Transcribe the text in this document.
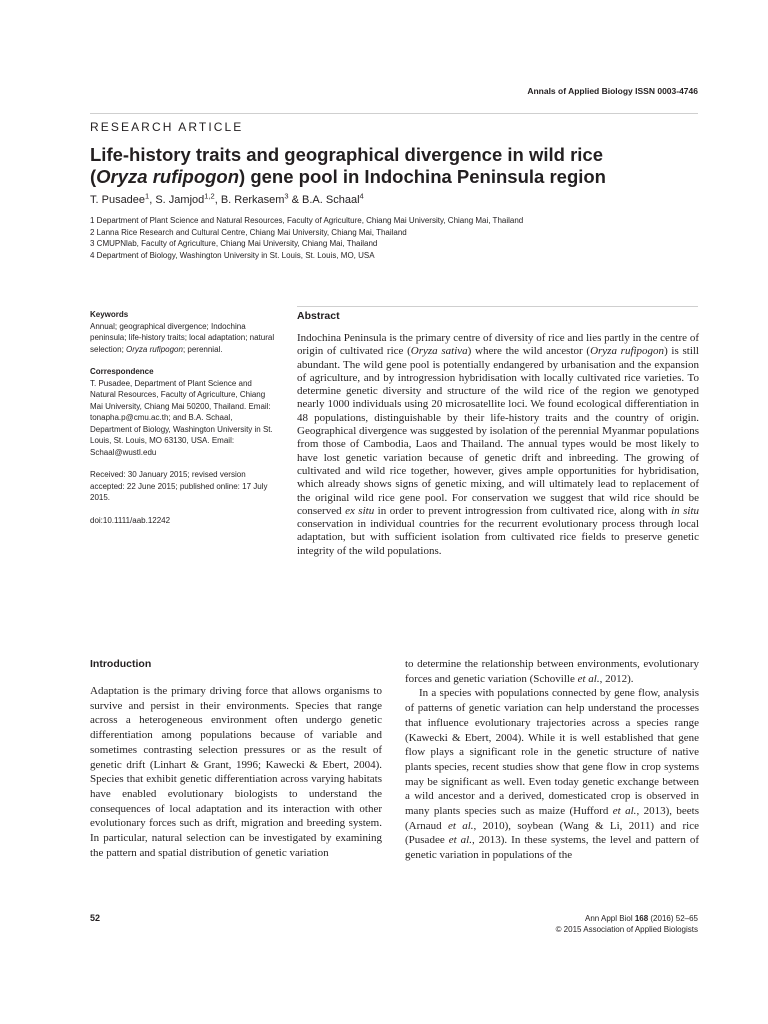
Annals of Applied Biology ISSN 0003-4746
RESEARCH ARTICLE
Life-history traits and geographical divergence in wild rice
(Oryza rufipogon) gene pool in Indochina Peninsula region
T. Pusadee$^1$, S. Jamjod$^{1,2}$, B. Rerkasem$^3$ & B.A. Schaal$^4$
1 Department of Plant Science and Natural Resources, Faculty of Agriculture, Chiang Mai University, Chiang Mai, Thailand
2 Lanna Rice Research and Cultural Centre, Chiang Mai University, Chiang Mai, Thailand
3 CMUPNlab, Faculty of Agriculture, Chiang Mai University, Chiang Mai, Thailand
4 Department of Biology, Washington University in St. Louis, St. Louis, MO, USA

Keywords

Annual; geographical divergence; Indochina peninsula; life-history traits; local adaptation; natural selection; Oryza rufipogon; perennial.

Correspondence

T. Pusadee, Department of Plant Science and Natural Resources, Faculty of Agriculture, Chiang Mai University, Chiang Mai 50200, Thailand. Email: tonapha.p@cmu.ac.th; and B.A. Schaal, Department of Biology, Washington University in St. Louis, St. Louis, MO 63130, USA. Email: Schaal@wustl.edu

Received: 30 January 2015; revised version accepted: 22 June 2015; published online: 17 July 2015.

doi:10.1111/aab.12242

Abstract

Indochina Peninsula is the primary centre of diversity of rice and lies partly in the centre of origin of cultivated rice (Oryza sativa) where the wild ancestor (Oryza rufipogon) is still abundant. The wild gene pool is potentially endangered by urbanisation and the expansion of agriculture, and by introgression hybridisation with locally cultivated rice varieties. To determine genetic diversity and structure of the wild rice of the region we genotyped nearly 1000 individuals using 20 microsatellite loci. We found ecological differentiation in 48 populations, distinguishable by their life-history traits and the country of origin. Geographical divergence was suggested by isolation of the perennial Myanmar populations from those of Cambodia, Laos and Thailand. The annual types would be most likely to have lost genetic variation because of genetic drift and inbreeding. The growing of cultivated and wild rice together, however, gives ample opportunities for hybridisation, which already shows signs of genetic mixing, and will ultimately lead to replacement of the original wild rice gene pool. For conservation we suggest that wild rice should be conserved ex situ in order to prevent introgression from cultivated rice, along with in situ conservation in individual countries for the recurrent evolutionary process through local adaptation, but with sufficient isolation from cultivated rice fields to preserve genetic integrity of the wild populations.

Introduction

Adaptation is the primary driving force that allows organisms to survive and persist in their environments. Species that range across a heterogeneous environment often undergo genetic differentiation among populations because of variable and sometimes contrasting selection pressures or as the result of genetic drift (Linhart & Grant, 1996; Kawecki & Ebert, 2004). Species that exhibit genetic differentiation across varying habitats have enabled evolutionary biologists to understand the consequences of local adaptation and its interaction with other evolutionary forces such as drift, migration and breeding system. In particular, natural selection can be investigated by examining the pattern and spatial distribution of genetic variation

to determine the relationship between environments, evolutionary forces and genetic variation (Schoville et al., 2012).
In a species with populations connected by gene flow, analysis of patterns of genetic variation can help understand the processes that influence evolutionary trajectories across a species range (Kawecki & Ebert, 2004). While it is well established that gene flow plays a significant role in the genetic structure of native plants species, recent studies show that gene flow in crop systems may be significant as well. Even today genetic exchange between a wild ancestor and a derived, domesticated crop is observed in many plants species such as maize (Hufford et al., 2013), beets (Arnaud et al., 2010), soybean (Wang & Li, 2011) and rice (Pusadee et al., 2013). In these systems, the level and pattern of genetic variation in populations of the

52	Ann Appl Biol 168 (2016) 52–65
© 2015 Association of Applied Biologists
